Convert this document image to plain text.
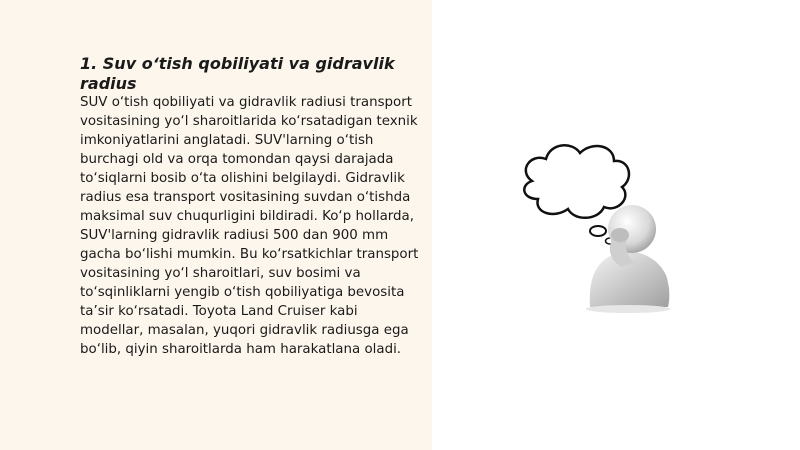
1. Suv o‘tish qobiliyati va gidravlik radius

SUV o‘tish qobiliyati va gidravlik radiusi transport vositasining yo‘l sharoitlarida ko‘rsatadigan texnik imkoniyatlarini anglatadi. SUV'larning o‘tish burchagi old va orqa tomondan qaysi darajada to‘siqlarni bosib o‘ta olishini belgilaydi. Gidravlik radius esa transport vositasining suvdan o‘tishda maksimal suv chuqurligini bildiradi. Ko‘p hollarda, SUV'larning gidravlik radiusi 500 dan 900 mm gacha bo‘lishi mumkin. Bu ko‘rsatkichlar transport vositasining yo‘l sharoitlari, suv bosimi va to‘sqinliklarni yengib o‘tish qobiliyatiga bevosita ta’sir ko‘rsatadi. Toyota Land Cruiser kabi modellar, masalan, yuqori gidravlik radiusga ega bo‘lib, qiyin sharoitlarda ham harakatlana oladi.
